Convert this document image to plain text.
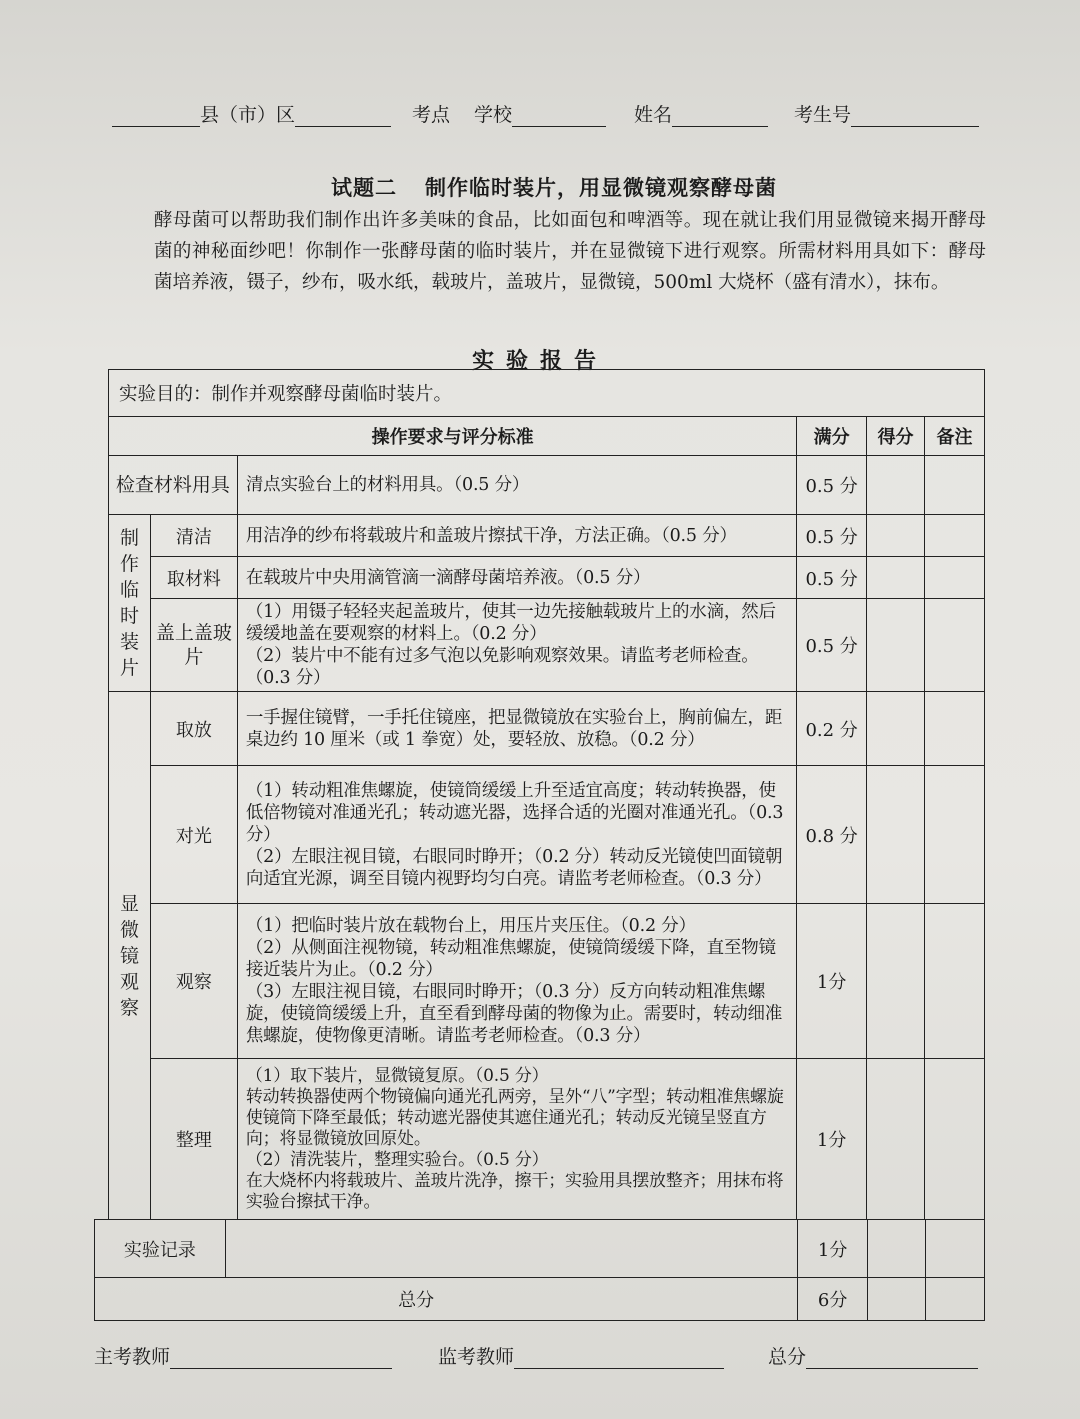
县（市）区	考点 学校	姓名	考生号
试题二 制作临时装片，用显微镜观察酵母菌
酵母菌可以帮助我们制作出许多美味的食品，比如面包和啤酒等。现在就让我们用显微镜来揭开酵母菌的神秘面纱吧！你制作一张酵母菌的临时装片，并在显微镜下进行观察。所需材料用具如下：酵母菌培养液，镊子，纱布，吸水纸，载玻片，盖玻片，显微镜，500ml 大烧杯（盛有清水），抹布。
实验报告
实验目的：制作并观察酵母菌临时装片。					
操作要求与评分标准			满分	得分	备注
检查材料用具		清点实验台上的材料用具。（0.5 分）	0.5 分		
制作临时装片	清洁	用洁净的纱布将载玻片和盖玻片擦拭干净，方法正确。（0.5 分）	0.5 分		
	取材料	在载玻片中央用滴管滴一滴酵母菌培养液。（0.5 分）	0.5 分		
	盖上盖玻片	（1）用镊子轻轻夹起盖玻片，使其一边先接触载玻片上的水滴，然后缓缓地盖在要观察的材料上。（0.2 分）
（2）装片中不能有过多气泡以免影响观察效果。请监考老师检查。（0.3 分）	0.5 分		
显微镜观察	取放	一手握住镜臂，一手托住镜座，把显微镜放在实验台上，胸前偏左，距桌边约 10 厘米（或 1 拳宽）处，要轻放、放稳。（0.2 分）	0.2 分		
	对光	（1）转动粗准焦螺旋，使镜筒缓缓上升至适宜高度；转动转换器，使低倍物镜对准通光孔；转动遮光器，选择合适的光圈对准通光孔。（0.3 分）
（2）左眼注视目镜，右眼同时睁开；（0.2 分）转动反光镜使凹面镜朝向适宜光源，调至目镜内视野均匀白亮。请监考老师检查。（0.3 分）	0.8 分		
	观察	（1）把临时装片放在载物台上，用压片夹压住。（0.2 分）
（2）从侧面注视物镜，转动粗准焦螺旋，使镜筒缓缓下降，直至物镜接近装片为止。（0.2 分）
（3）左眼注视目镜，右眼同时睁开；（0.3 分）反方向转动粗准焦螺旋，使镜筒缓缓上升，直至看到酵母菌的物像为止。需要时，转动细准焦螺旋，使物像更清晰。请监考老师检查。（0.3 分）	1分		
	整理	（1）取下装片，显微镜复原。（0.5 分）
转动转换器使两个物镜偏向通光孔两旁，呈外“八”字型；转动粗准焦螺旋使镜筒下降至最低；转动遮光器使其遮住通光孔；转动反光镜呈竖直方向；将显微镜放回原处。
（2）清洗装片，整理实验台。（0.5 分）
在大烧杯内将载玻片、盖玻片洗净，擦干；实验用具摆放整齐；用抹布将实验台擦拭干净。	1分		
实验记录		1分		
总分		6分		
主考教师	监考教师	总分
